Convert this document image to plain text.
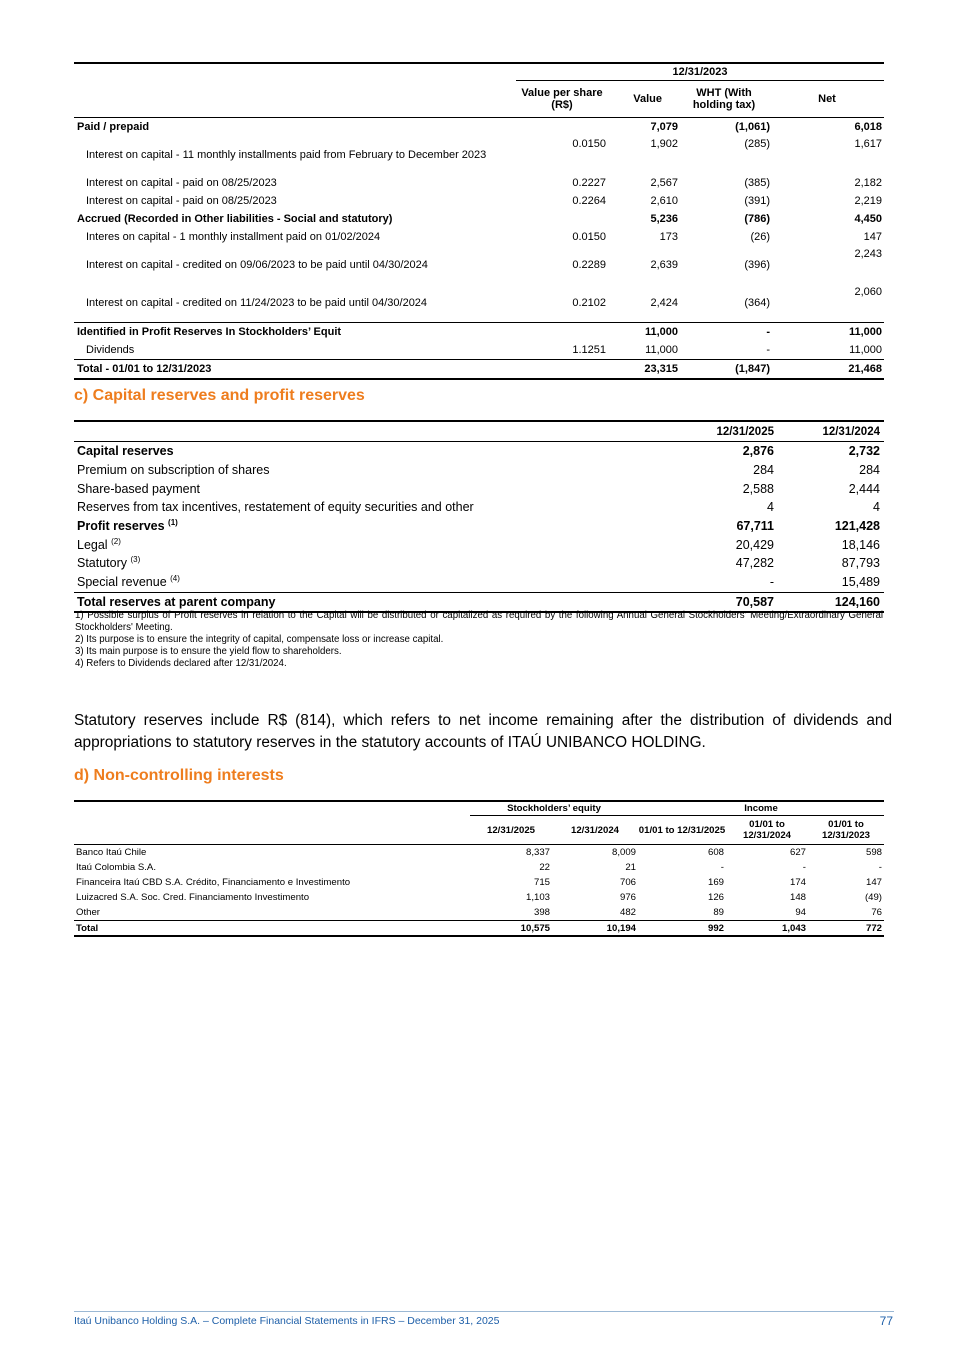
	12/31/2023			
	Value per share (R$)	Value	WHT (With holding tax)	Net
Paid / prepaid		7,079	(1,061)	6,018
Interest on capital - 11 monthly installments paid from February to December 2023	0.0150	1,902	(285)	1,617
Interest on capital - paid on 08/25/2023	0.2227	2,567	(385)	2,182
Interest on capital - paid on 08/25/2023	0.2264	2,610	(391)	2,219
Accrued (Recorded in Other liabilities - Social and statutory)		5,236	(786)	4,450
Interes on capital - 1 monthly installment paid on 01/02/2024	0.0150	173	(26)	147
Interest on capital - credited on 09/06/2023 to be paid until 04/30/2024	0.2289	2,639	(396)	2,243
Interest on capital - credited on 11/24/2023 to be paid until 04/30/2024	0.2102	2,424	(364)	2,060
Identified in Profit Reserves In Stockholders’ Equit		11,000	-	11,000
Dividends	1.1251	11,000	-	11,000
Total - 01/01 to 12/31/2023		23,315	(1,847)	21,468
c) Capital reserves and profit reserves
	12/31/2025	12/31/2024
Capital reserves	2,876	2,732
Premium on subscription of shares	284	284
Share-based payment	2,588	2,444
Reserves from tax incentives, restatement of equity securities and other	4	4
Profit reserves $^{(1)}$	67,711	121,428
Legal $^{(2)}$	20,429	18,146
Statutory $^{(3)}$	47,282	87,793
Special revenue $^{(4)}$	-	15,489
Total reserves at parent company	70,587	124,160

1) Possible surplus of Profit reserves in relation to the Capital will be distributed or capitalized as required by the following Annual General Stockholders' Meeting/Extraordinary General Stockholders' Meeting.

2) Its purpose is to ensure the integrity of capital, compensate loss or increase capital.

3) Its main purpose is to ensure the yield flow to shareholders.

4) Refers to Dividends declared after 12/31/2024.

Statutory reserves include R$ (814), which refers to net income remaining after the distribution of dividends and appropriations to statutory reserves in the statutory accounts of ITAÚ UNIBANCO HOLDING.

d) Non-controlling interests
	Stockholders’ equity		Income		
	12/31/2025	12/31/2024	01/01 to 12/31/2025	01/01 to 12/31/2024	01/01 to 12/31/2023
Banco Itaú Chile	8,337	8,009	608	627	598
Itaú Colombia S.A.	22	21	-	-	-
Financeira Itaú CBD S.A. Crédito, Financiamento e Investimento	715	706	169	174	147
Luizacred S.A. Soc. Cred. Financiamento Investimento	1,103	976	126	148	(49)
Other	398	482	89	94	76
Total	10,575	10,194	992	1,043	772
Itaú Unibanco Holding S.A. – Complete Financial Statements in IFRS – December 31, 2025	77
